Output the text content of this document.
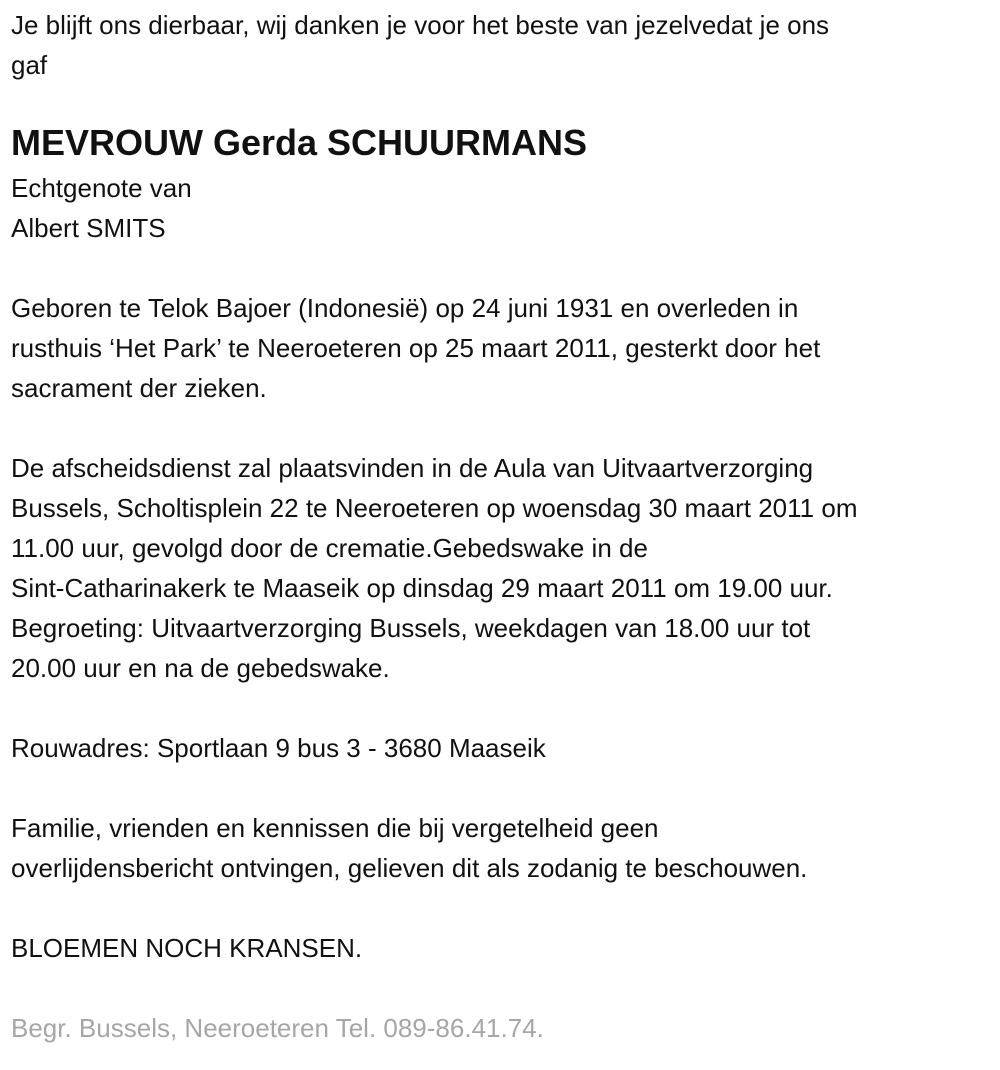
Je blijft ons dierbaar, wij danken je voor het beste van jezelvedat je ons
gaf
MEVROUW Gerda SCHUURMANS
Echtgenote van
Albert SMITS
Geboren te Telok Bajoer (Indonesië) op 24 juni 1931 en overleden in
rusthuis ‘Het Park’ te Neeroeteren op 25 maart 2011, gesterkt door het
sacrament der zieken.
De afscheidsdienst zal plaatsvinden in de Aula van Uitvaartverzorging
Bussels, Scholtisplein 22 te Neeroeteren op woensdag 30 maart 2011 om
11.00 uur, gevolgd door de crematie.Gebedswake in de
Sint-Catharinakerk te Maaseik op dinsdag 29 maart 2011 om 19.00 uur.
Begroeting: Uitvaartverzorging Bussels, weekdagen van 18.00 uur tot
20.00 uur en na de gebedswake.
Rouwadres: Sportlaan 9 bus 3 - 3680 Maaseik
Familie, vrienden en kennissen die bij vergetelheid geen
overlijdensbericht ontvingen, gelieven dit als zodanig te beschouwen.
BLOEMEN NOCH KRANSEN.
Begr. Bussels, Neeroeteren Tel. 089-86.41.74.
